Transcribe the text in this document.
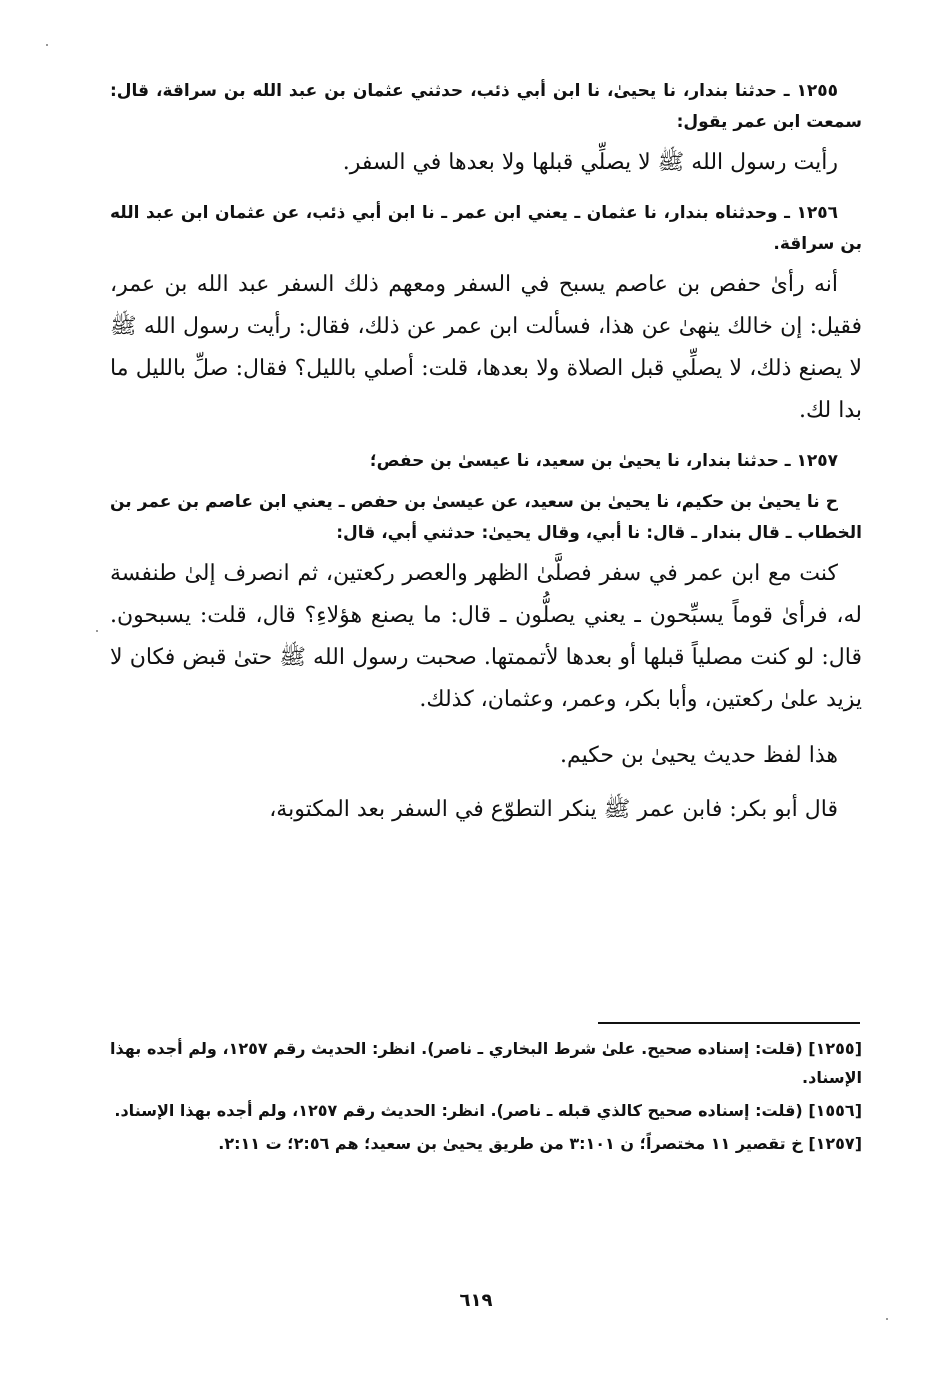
١٢٥٥ ـ حدثنا بندار، نا يحيىٰ، نا ابن أبي ذئب، حدثني عثمان بن عبد الله بن سراقة، قال: سمعت ابن عمر يقول:

رأيت رسول الله ﷺ لا يصلِّي قبلها ولا بعدها في السفر.

١٢٥٦ ـ وحدثناه بندار، نا عثمان ـ يعني ابن عمر ـ نا ابن أبي ذئب، عن عثمان ابن عبد الله بن سراقة.

أنه رأىٰ حفص بن عاصم يسبح في السفر ومعهم ذلك السفر عبد الله بن عمر، فقيل: إن خالك ينهىٰ عن هذا، فسألت ابن عمر عن ذلك، فقال: رأيت رسول الله ﷺ لا يصنع ذلك، لا يصلِّي قبل الصلاة ولا بعدها، قلت: أصلي بالليل؟ فقال: صلِّ بالليل ما بدا لك.

١٢٥٧ ـ حدثنا بندار، نا يحيىٰ بن سعيد، نا عيسىٰ بن حفص؛

ح نا يحيىٰ بن حكيم، نا يحيىٰ بن سعيد، عن عيسىٰ بن حفص ـ يعني ابن عاصم بن عمر بن الخطاب ـ قال بندار ـ قال: نا أبي، وقال يحيىٰ: حدثني أبي، قال:

كنت مع ابن عمر في سفر فصلَّىٰ الظهر والعصر ركعتين، ثم انصرف إلىٰ طنفسة له، فرأىٰ قوماً يسبِّحون ـ يعني يصلُّون ـ قال: ما يصنع هؤلاءِ؟ قال، قلت: يسبحون. قال: لو كنت مصلياً قبلها أو بعدها لأتممتها. صحبت رسول الله ﷺ حتىٰ قبض فكان لا يزيد علىٰ ركعتين، وأبا بكر، وعمر، وعثمان، كذلك.

هذا لفظ حديث يحيىٰ بن حكيم.

قال أبو بكر: فابن عمر ﷺ ينكر التطوّع في السفر بعد المكتوبة،

[١٢٥٥] (قلت: إسناده صحيح. علىٰ شرط البخاري ـ ناصر). انظر: الحديث رقم ١٢٥٧، ولم أجده بهذا الإسناد.

[١٥٥٦] (قلت: إسناده صحيح كالذي قبله ـ ناصر). انظر: الحديث رقم ١٢٥٧، ولم أجده بهذا الإسناد.

[١٢٥٧] خ تقصير ١١ مختصراً؛ ن ٣:١٠١ من طريق يحيىٰ بن سعيد؛ هم ٢:٥٦؛ ت ٢:١١.

٦١٩
